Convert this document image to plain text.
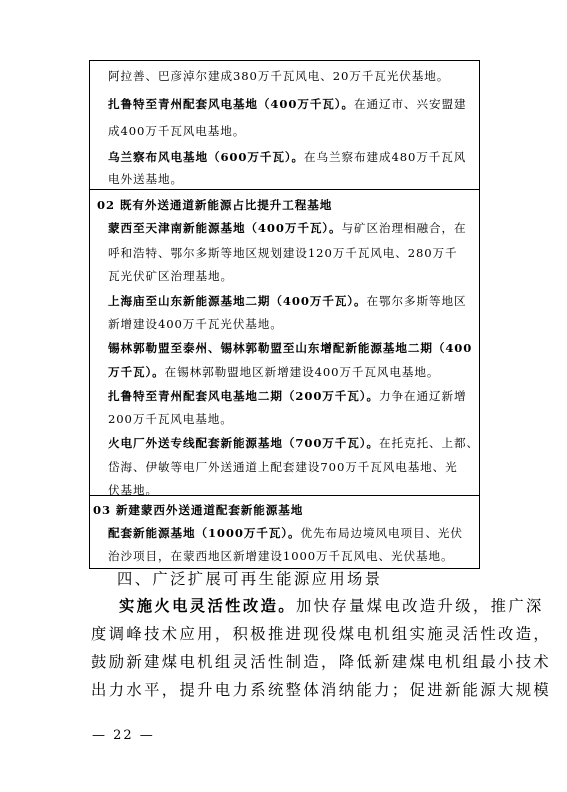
阿拉善、巴彦淖尔建成380万千瓦风电、20万千瓦光伏基地。
扎鲁特至青州配套风电基地（400万千瓦）。在通辽市、兴安盟建
成400万千瓦风电基地。
乌兰察布风电基地（600万千瓦）。在乌兰察布建成480万千瓦风
电外送基地。
02 既有外送通道新能源占比提升工程基地
蒙西至天津南新能源基地（400万千瓦）。与矿区治理相融合，在
呼和浩特、鄂尔多斯等地区规划建设120万千瓦风电、280万千
瓦光伏矿区治理基地。
上海庙至山东新能源基地二期（400万千瓦）。在鄂尔多斯等地区
新增建设400万千瓦光伏基地。
锡林郭勒盟至泰州、锡林郭勒盟至山东增配新能源基地二期（400
万千瓦）。在锡林郭勒盟地区新增建设400万千瓦风电基地。
扎鲁特至青州配套风电基地二期（200万千瓦）。力争在通辽新增
200万千瓦风电基地。
火电厂外送专线配套新能源基地（700万千瓦）。在托克托、上都、
岱海、伊敏等电厂外送通道上配套建设700万千瓦风电基地、光
伏基地。
03 新建蒙西外送通道配套新能源基地
配套新能源基地（1000万千瓦）。优先布局边境风电项目、光伏
治沙项目，在蒙西地区新增建设1000万千瓦风电、光伏基地。
四、广泛扩展可再生能源应用场景
实施火电灵活性改造。加快存量煤电改造升级，推广深
度调峰技术应用，积极推进现役煤电机组实施灵活性改造，
鼓励新建煤电机组灵活性制造，降低新建煤电机组最小技术
出力水平，提升电力系统整体消纳能力；促进新能源大规模
— 22 —
